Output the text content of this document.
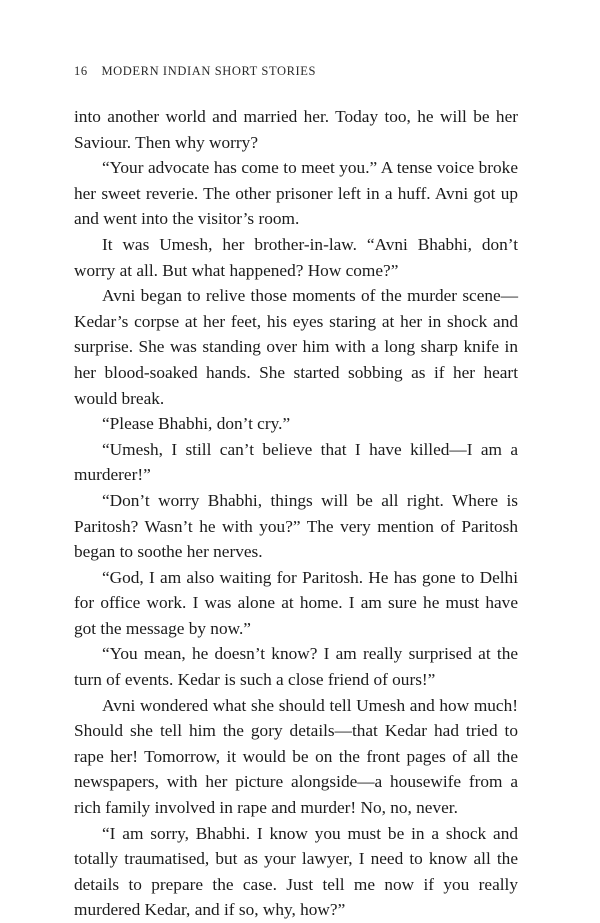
16 MODERN INDIAN SHORT STORIES

into another world and married her. Today too, he will be her Saviour. Then why worry?

“Your advocate has come to meet you.” A tense voice broke her sweet reverie. The other prisoner left in a huff. Avni got up and went into the visitor’s room.

It was Umesh, her brother-in-law. “Avni Bhabhi, don’t worry at all. But what happened? How come?”

Avni began to relive those moments of the murder scene—Kedar’s corpse at her feet, his eyes staring at her in shock and surprise. She was standing over him with a long sharp knife in her blood-soaked hands. She started sobbing as if her heart would break.

“Please Bhabhi, don’t cry.”

“Umesh, I still can’t believe that I have killed—I am a murderer!”

“Don’t worry Bhabhi, things will be all right. Where is Paritosh? Wasn’t he with you?” The very mention of Paritosh began to soothe her nerves.

“God, I am also waiting for Paritosh. He has gone to Delhi for office work. I was alone at home. I am sure he must have got the message by now.”

“You mean, he doesn’t know? I am really surprised at the turn of events. Kedar is such a close friend of ours!”

Avni wondered what she should tell Umesh and how much! Should she tell him the gory details—that Kedar had tried to rape her! Tomorrow, it would be on the front pages of all the newspapers, with her picture alongside—a housewife from a rich family involved in rape and murder! No, no, never.

“I am sorry, Bhabhi. I know you must be in a shock and totally traumatised, but as your lawyer, I need to know all the details to prepare the case. Just tell me now if you really murdered Kedar, and if so, why, how?”
